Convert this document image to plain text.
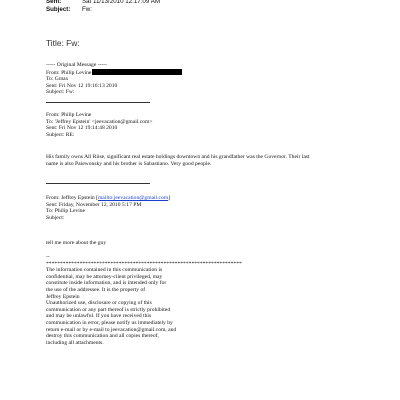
Sent:	Sat 11/13/2010 12:17:09 AM
Subject: Fw:
Title: Fw:
----- Original Message -----
From: Philip Levine
To: Gmax
Sent: Fri Nov 12 19:16:13 2010
Subject: Fw:
From: Philip Levine
To: 'Jeffrey Epstein' <jeevacation@gmail.com>
Sent: Fri Nov 12 19:14:48 2010
Subject: RE:
His family owns All Riise, significant real estate holdings downtown and his grandfather was the Governor. Their last
name is also Paiewonsky and his brother is Sabastiano. Very good people.
From: Jeffrey Epstein [mailto:jeevacation@gmail.com]
Sent: Friday, November 12, 2010 5:17 PM
To: Philip Levine
Subject:
tell me more about the guy
--
**********************************************************************
The information contained in this communication is
confidential, may be attorney-client privileged, may
constitute inside information, and is intended only for
the use of the addressee. It is the property of
Jeffrey Epstein
Unauthorized use, disclosure or copying of this
communication or any part thereof is strictly prohibited
and may be unlawful. If you have received this
communication in error, please notify us immediately by
return e-mail or by e-mail to jeevacation@gmail.com, and
destroy this communication and all copies thereof,
including all attachments.
